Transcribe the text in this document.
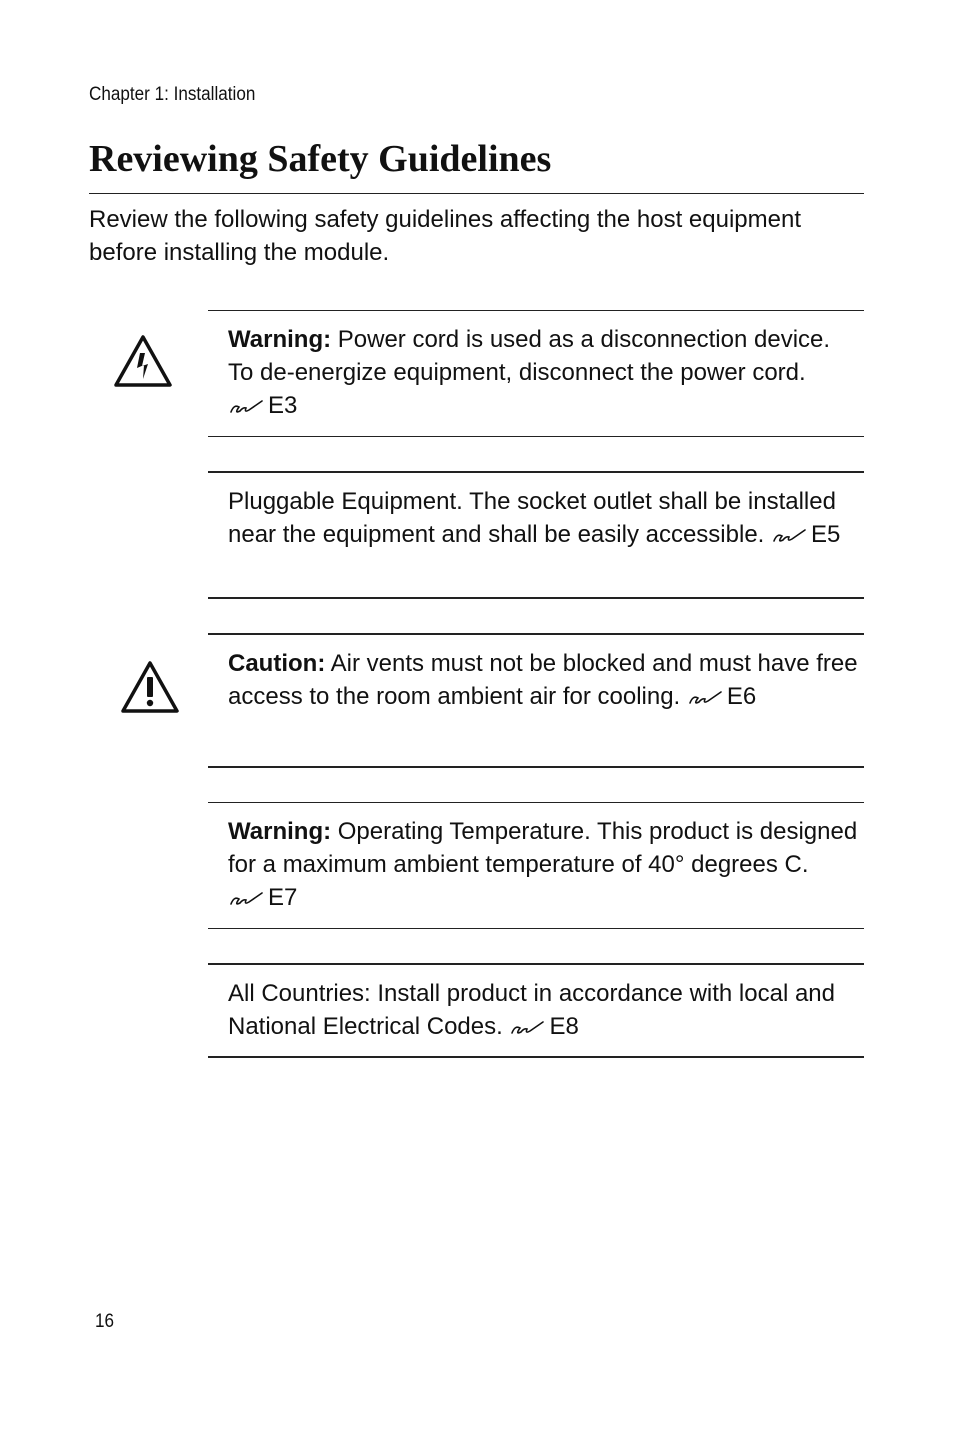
Chapter 1: Installation
Reviewing Safety Guidelines
Review the following safety guidelines affecting the host equipment before installing the module.
Warning: Power cord is used as a disconnection device. To de-energize equipment, disconnect the power cord. E3
Pluggable Equipment. The socket outlet shall be installed near the equipment and shall be easily accessible. E5
Caution: Air vents must not be blocked and must have free access to the room ambient air for cooling. E6
Warning: Operating Temperature. This product is designed for a maximum ambient temperature of 40° degrees C. E7
All Countries: Install product in accordance with local and National Electrical Codes. E8
16
